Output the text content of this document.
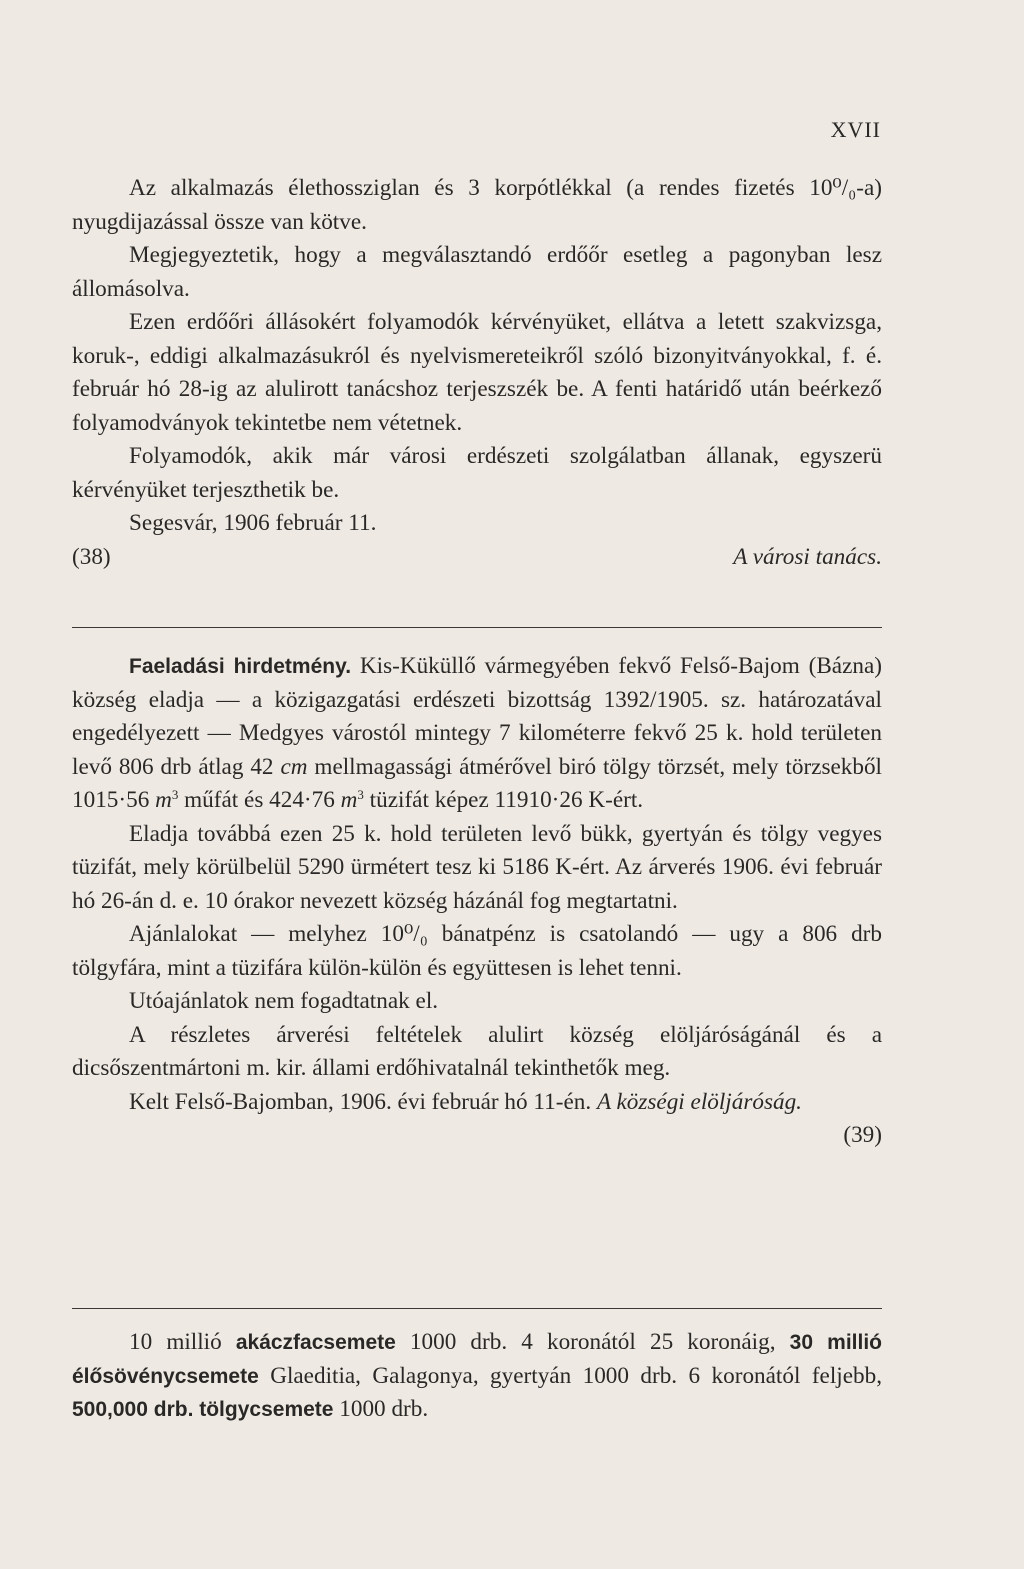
XVII

Az alkalmazás élethossziglan és 3 korpótlékkal (a rendes fizetés 10⁰/₀-a) nyugdijazással össze van kötve.

Megjegyeztetik, hogy a megválasztandó erdőőr esetleg a pagonyban lesz állomásolva.

Ezen erdőőri állásokért folyamodók kérvényüket, ellátva a letett szakvizsga, koruk-, eddigi alkalmazásukról és nyelvismereteikről szóló bizonyitványokkal, f. é. február hó 28-ig az alulirott tanácshoz terjeszszék be. A fenti határidő után beérkező folyamodványok tekintetbe nem vétetnek.

Folyamodók, akik már városi erdészeti szolgálatban állanak, egyszerü kérvényüket terjeszthetik be.

Segesvár, 1906 február 11.

(38)	A városi tanács.

Faeladási hirdetmény. Kis-Küküllő vármegyében fekvő Felső-Bajom (Bázna) község eladja — a közigazgatási erdészeti bizottság 1392/1905. sz. határozatával engedélyezett — Medgyes várostól mintegy 7 kilométerre fekvő 25 k. hold területen levő 806 drb átlag 42 cm mellmagassági átmérővel biró tölgy törzsét, mely törzsekből 1015·56 $m^3$ műfát és 424·76 $m^3$ tüzifát képez 11910·26 K-ért.

Eladja továbbá ezen 25 k. hold területen levő bükk, gyertyán és tölgy vegyes tüzifát, mely körülbelül 5290 ürmétert tesz ki 5186 K-ért. Az árverés 1906. évi február hó 26-án d. e. 10 órakor nevezett község házánál fog megtartatni.

Ajánlalokat — melyhez 10⁰/₀ bánatpénz is csatolandó — ugy a 806 drb tölgyfára, mint a tüzifára külön-külön és együttesen is lehet tenni.

Utóajánlatok nem fogadtatnak el.

A részletes árverési feltételek alulirt község elöljáróságánál és a dicsőszentmártoni m. kir. állami erdőhivatalnál tekinthetők meg.

Kelt Felső-Bajomban, 1906. évi február hó 11-én. A községi elöljáróság.
(39)

10 millió akáczfacsemete 1000 drb. 4 koronától 25 koronáig, 30 millió élősövénycsemete Glaeditia, Galagonya, gyertyán 1000 drb. 6 koronától feljebb, 500,000 drb. tölgycsemete 1000 drb.
